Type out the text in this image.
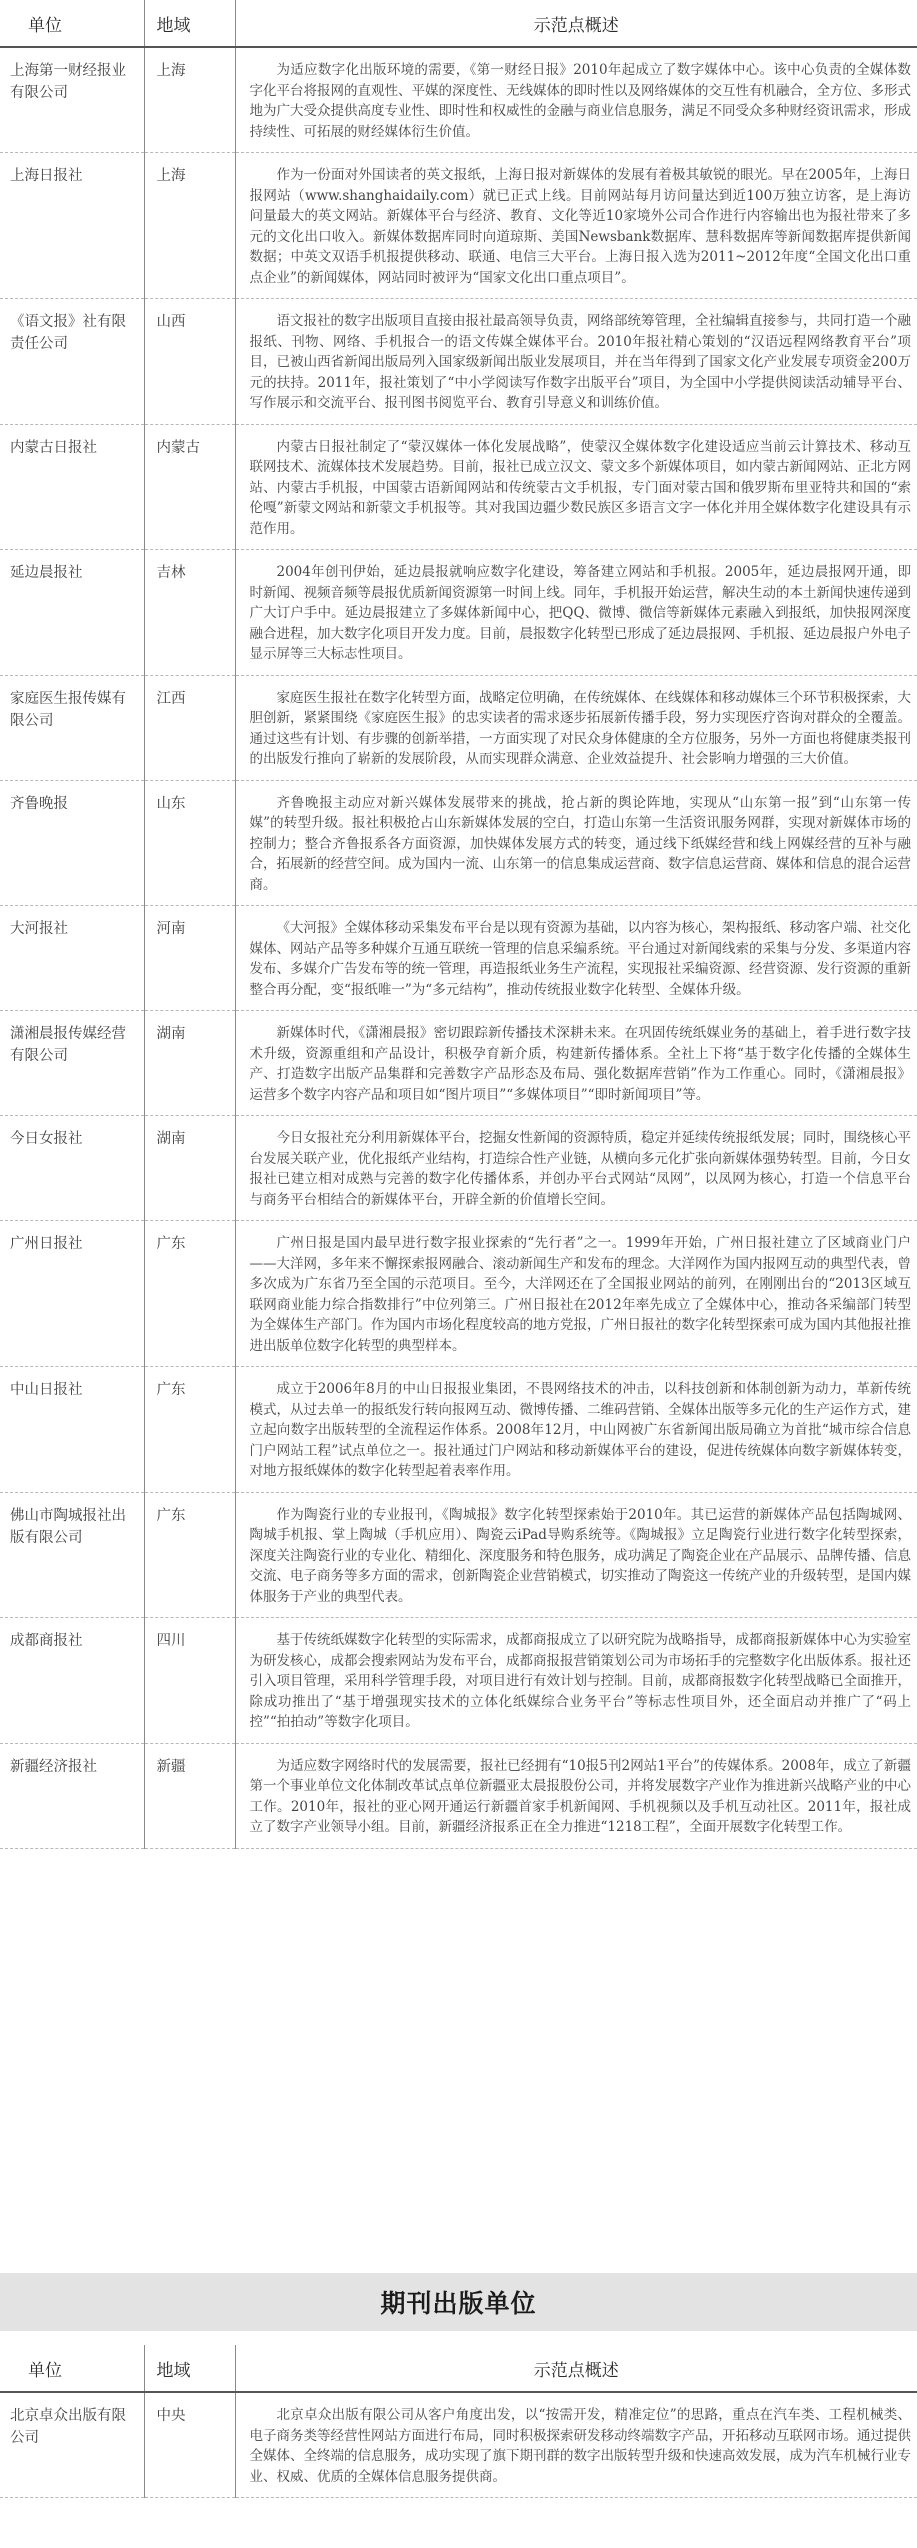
单位	地域	示范点概述
上海第一财经报业有限公司	上海	为适应数字化出版环境的需要，《第一财经日报》2010年起成立了数字媒体中心。该中心负责的全媒体数字化平台将报网的直观性、平媒的深度性、无线媒体的即时性以及网络媒体的交互性有机融合，全方位、多形式地为广大受众提供高度专业性、即时性和权威性的金融与商业信息服务，满足不同受众多种财经资讯需求，形成持续性、可拓展的财经媒体衍生价值。
上海日报社	上海	作为一份面对外国读者的英文报纸，上海日报对新媒体的发展有着极其敏锐的眼光。早在2005年，上海日报网站（www.shanghaidaily.com）就已正式上线。目前网站每月访问量达到近100万独立访客，是上海访问量最大的英文网站。新媒体平台与经济、教育、文化等近10家境外公司合作进行内容输出也为报社带来了多元的文化出口收入。新媒体数据库同时向道琼斯、美国Newsbank数据库、慧科数据库等新闻数据库提供新闻数据；中英文双语手机报提供移动、联通、电信三大平台。上海日报入选为2011~2012年度“全国文化出口重点企业”的新闻媒体，网站同时被评为“国家文化出口重点项目”。
《语文报》社有限责任公司	山西	语文报社的数字出版项目直接由报社最高领导负责，网络部统筹管理，全社编辑直接参与，共同打造一个融报纸、刊物、网络、手机报合一的语文传媒全媒体平台。2010年报社精心策划的“汉语远程网络教育平台”项目，已被山西省新闻出版局列入国家级新闻出版业发展项目，并在当年得到了国家文化产业发展专项资金200万元的扶持。2011年，报社策划了“中小学阅读写作数字出版平台”项目，为全国中小学提供阅读活动辅导平台、写作展示和交流平台、报刊图书阅览平台、教育引导意义和训练价值。
内蒙古日报社	内蒙古	内蒙古日报社制定了“蒙汉媒体一体化发展战略”，使蒙汉全媒体数字化建设适应当前云计算技术、移动互联网技术、流媒体技术发展趋势。目前，报社已成立汉文、蒙文多个新媒体项目，如内蒙古新闻网站、正北方网站、内蒙古手机报，中国蒙古语新闻网站和传统蒙古文手机报，专门面对蒙古国和俄罗斯布里亚特共和国的“索伦嘎”新蒙文网站和新蒙文手机报等。其对我国边疆少数民族区多语言文字一体化并用全媒体数字化建设具有示范作用。
延边晨报社	吉林	2004年创刊伊始，延边晨报就响应数字化建设，筹备建立网站和手机报。2005年，延边晨报网开通，即时新闻、视频音频等晨报优质新闻资源第一时间上线。同年，手机报开始运营，解决生动的本土新闻快速传递到广大订户手中。延边晨报建立了多媒体新闻中心，把QQ、微博、微信等新媒体元素融入到报纸，加快报网深度融合进程，加大数字化项目开发力度。目前，晨报数字化转型已形成了延边晨报网、手机报、延边晨报户外电子显示屏等三大标志性项目。
家庭医生报传媒有限公司	江西	家庭医生报社在数字化转型方面，战略定位明确，在传统媒体、在线媒体和移动媒体三个环节积极探索，大胆创新，紧紧围绕《家庭医生报》的忠实读者的需求逐步拓展新传播手段，努力实现医疗咨询对群众的全覆盖。通过这些有计划、有步骤的创新举措，一方面实现了对民众身体健康的全方位服务，另外一方面也将健康类报刊的出版发行推向了崭新的发展阶段，从而实现群众满意、企业效益提升、社会影响力增强的三大价值。
齐鲁晚报	山东	齐鲁晚报主动应对新兴媒体发展带来的挑战，抢占新的舆论阵地，实现从“山东第一报”到“山东第一传媒”的转型升级。报社积极抢占山东新媒体发展的空白，打造山东第一生活资讯服务网群，实现对新媒体市场的控制力；整合齐鲁报系各方面资源，加快媒体发展方式的转变，通过线下纸媒经营和线上网媒经营的互补与融合，拓展新的经营空间。成为国内一流、山东第一的信息集成运营商、数字信息运营商、媒体和信息的混合运营商。
大河报社	河南	《大河报》全媒体移动采集发布平台是以现有资源为基础，以内容为核心，架构报纸、移动客户端、社交化媒体、网站产品等多种媒介互通互联统一管理的信息采编系统。平台通过对新闻线索的采集与分发、多渠道内容发布、多媒介广告发布等的统一管理，再造报纸业务生产流程，实现报社采编资源、经营资源、发行资源的重新整合再分配，变“报纸唯一”为“多元结构”，推动传统报业数字化转型、全媒体升级。
潇湘晨报传媒经营有限公司	湖南	新媒体时代，《潇湘晨报》密切跟踪新传播技术深耕未来。在巩固传统纸媒业务的基础上，着手进行数字技术升级，资源重组和产品设计，积极孕育新介质，构建新传播体系。全社上下将“基于数字化传播的全媒体生产、打造数字出版产品集群和完善数字产品形态及布局、强化数据库营销”作为工作重心。同时，《潇湘晨报》运营多个数字内容产品和项目如“图片项目”“多媒体项目”“即时新闻项目”等。
今日女报社	湖南	今日女报社充分利用新媒体平台，挖掘女性新闻的资源特质，稳定并延续传统报纸发展；同时，围绕核心平台发展关联产业，优化报纸产业结构，打造综合性产业链，从横向多元化扩张向新媒体强势转型。目前，今日女报社已建立相对成熟与完善的数字化传播体系，并创办平台式网站“凤网”，以凤网为核心，打造一个信息平台与商务平台相结合的新媒体平台，开辟全新的价值增长空间。
广州日报社	广东	广州日报是国内最早进行数字报业探索的“先行者”之一。1999年开始，广州日报社建立了区域商业门户——大洋网，多年来不懈探索报网融合、滚动新闻生产和发布的理念。大洋网作为国内报网互动的典型代表，曾多次成为广东省乃至全国的示范项目。至今，大洋网还在了全国报业网站的前列，在刚刚出台的“2013区域互联网商业能力综合指数排行”中位列第三。广州日报社在2012年率先成立了全媒体中心，推动各采编部门转型为全媒体生产部门。作为国内市场化程度较高的地方党报，广州日报社的数字化转型探索可成为国内其他报社推进出版单位数字化转型的典型样本。
中山日报社	广东	成立于2006年8月的中山日报报业集团，不畏网络技术的冲击，以科技创新和体制创新为动力，革新传统模式，从过去单一的报纸发行转向报网互动、微博传播、二维码营销、全媒体出版等多元化的生产运作方式，建立起向数字出版转型的全流程运作体系。2008年12月，中山网被广东省新闻出版局确立为首批“城市综合信息门户网站工程”试点单位之一。报社通过门户网站和移动新媒体平台的建设，促进传统媒体向数字新媒体转变，对地方报纸媒体的数字化转型起着表率作用。
佛山市陶城报社出版有限公司	广东	作为陶瓷行业的专业报刊，《陶城报》数字化转型探索始于2010年。其已运营的新媒体产品包括陶城网、陶城手机报、掌上陶城（手机应用）、陶瓷云iPad导购系统等。《陶城报》立足陶瓷行业进行数字化转型探索，深度关注陶瓷行业的专业化、精细化、深度服务和特色服务，成功满足了陶瓷企业在产品展示、品牌传播、信息交流、电子商务等多方面的需求，创新陶瓷企业营销模式，切实推动了陶瓷这一传统产业的升级转型，是国内媒体服务于产业的典型代表。
成都商报社	四川	基于传统纸媒数字化转型的实际需求，成都商报成立了以研究院为战略指导，成都商报新媒体中心为实验室为研发核心，成都会搜索网站为发布平台，成都商报报营销策划公司为市场拓手的完整数字化出版体系。报社还引入项目管理，采用科学管理手段，对项目进行有效计划与控制。目前，成都商报数字化转型战略已全面推开，除成功推出了“基于增强现实技术的立体化纸媒综合业务平台”等标志性项目外，还全面启动并推广了“码上控”“拍拍动”等数字化项目。
新疆经济报社	新疆	为适应数字网络时代的发展需要，报社已经拥有“10报5刊2网站1平台”的传媒体系。2008年，成立了新疆第一个事业单位文化体制改革试点单位新疆亚太晨报股份公司，并将发展数字产业作为推进新兴战略产业的中心工作。2010年，报社的亚心网开通运行新疆首家手机新闻网、手机视频以及手机互动社区。2011年，报社成立了数字产业领导小组。目前，新疆经济报系正在全力推进“1218工程”，全面开展数字化转型工作。
期刊出版单位
单位	地域	示范点概述
北京卓众出版有限公司	中央	北京卓众出版有限公司从客户角度出发，以“按需开发，精准定位”的思路，重点在汽车类、工程机械类、电子商务类等经营性网站方面进行布局，同时积极探索研发移动终端数字产品，开拓移动互联网市场。通过提供全媒体、全终端的信息服务，成功实现了旗下期刊群的数字出版转型升级和快速高效发展，成为汽车机械行业专业、权威、优质的全媒体信息服务提供商。
